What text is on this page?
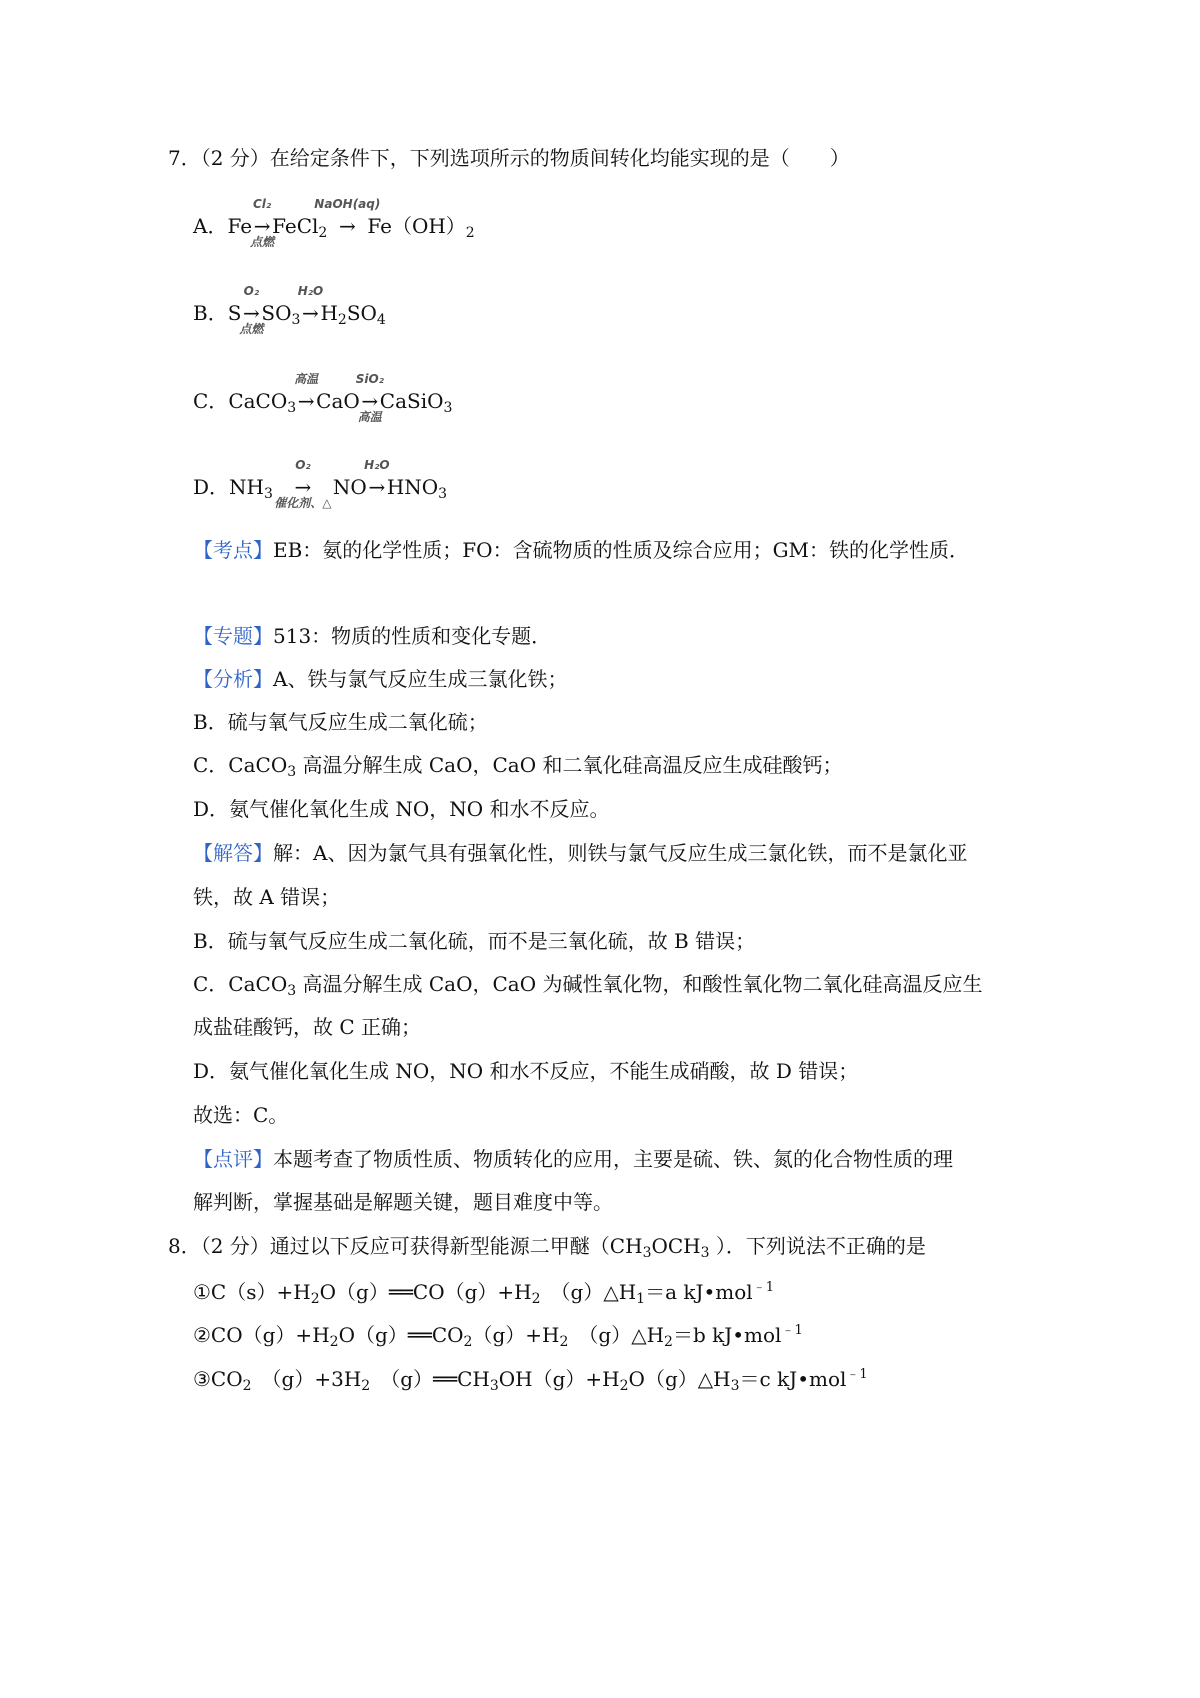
7．（2 分）在给定条件下，下列选项所示的物质间转化均能实现的是（　　）
A．Fe
Cl₂
→
点燃
FeCl$_2$
NaOH(aq)
→ $Fe(OH)_2$
B．S
O₂
→
点燃
$SO_3$
H₂O
$\to H_2SO_4$
C．CaCO$_3$
高温
→CaO
SiO₂
→
高温
CaSiO$_3$
D．$NH_3$
O₂
→
催化剂、△
NO
H₂O
$\to HNO_3$
【考点】EB：氨的化学性质；FO：含硫物质的性质及综合应用；GM：铁的化学性质．
【专题】513：物质的性质和变化专题．
【分析】A、铁与氯气反应生成三氯化铁；
B．硫与氧气反应生成二氧化硫；
C．CaCO$_3$ 高温分解生成 CaO，CaO 和二氧化硅高温反应生成硅酸钙；
D．氨气催化氧化生成 NO，NO 和水不反应。
【解答】解：A、因为氯气具有强氧化性，则铁与氯气反应生成三氯化铁，而不是氯化亚
铁，故 A 错误；
B．硫与氧气反应生成二氧化硫，而不是三氧化硫，故 B 错误；
C．CaCO$_3$ 高温分解生成 CaO，CaO 为碱性氧化物，和酸性氧化物二氧化硅高温反应生
成盐硅酸钙，故 C 正确；
D．氨气催化氧化生成 NO，NO 和水不反应，不能生成硝酸，故 D 错误；
故选：C。
【点评】本题考查了物质性质、物质转化的应用，主要是硫、铁、氮的化合物性质的理
解判断，掌握基础是解题关键，题目难度中等。
8．（2 分）通过以下反应可获得新型能源二甲醚（$CH_3OCH_3$ ）．下列说法不正确的是
$①C(s)+H_2O(g)══CO(g)+H_2$　$(g)\triangle H_1=a$ kJ•mol$^{﹣1}$
$②CO(g)+H_2O(g)══CO_2(g)+H_2$　$(g)\triangle H_2=b$ kJ•mol$^{﹣1}$
$③CO_2$　$(g)+3H_2$　$(g)══CH_3OH(g)+H_2O(g)\triangle H_3=c$ kJ•mol$^{﹣1}$
